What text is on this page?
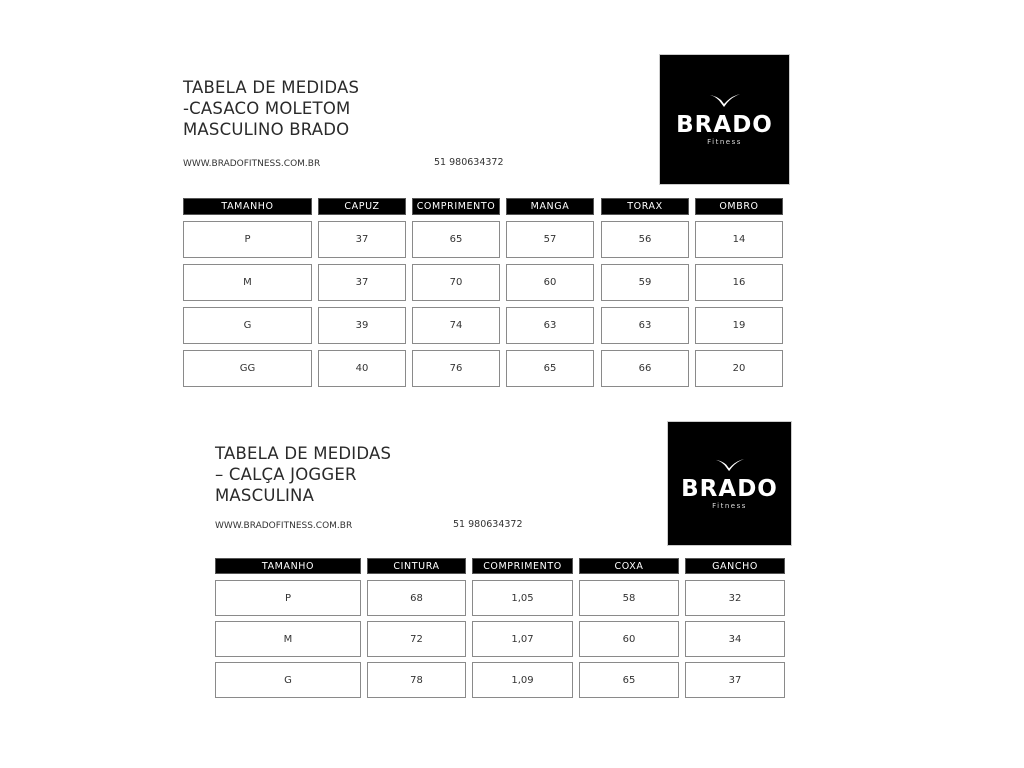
TABELA DE MEDIDAS
-CASACO MOLETOM
MASCULINO BRADO
WWW.BRADOFITNESS.COM.BR	51 980634372
BRADO
Fitness
TAMANHO	CAPUZ	COMPRIMENTO	MANGA	TORAX	OMBRO
P	37	65	57	56	14
M	37	70	60	59	16
G	39	74	63	63	19
GG	40	76	65	66	20
TABELA DE MEDIDAS
– CALÇA JOGGER
MASCULINA
WWW.BRADOFITNESS.COM.BR	51 980634372
BRADO
Fitness
TAMANHO	CINTURA	COMPRIMENTO	COXA	GANCHO
P	68	1,05	58	32
M	72	1,07	60	34
G	78	1,09	65	37
